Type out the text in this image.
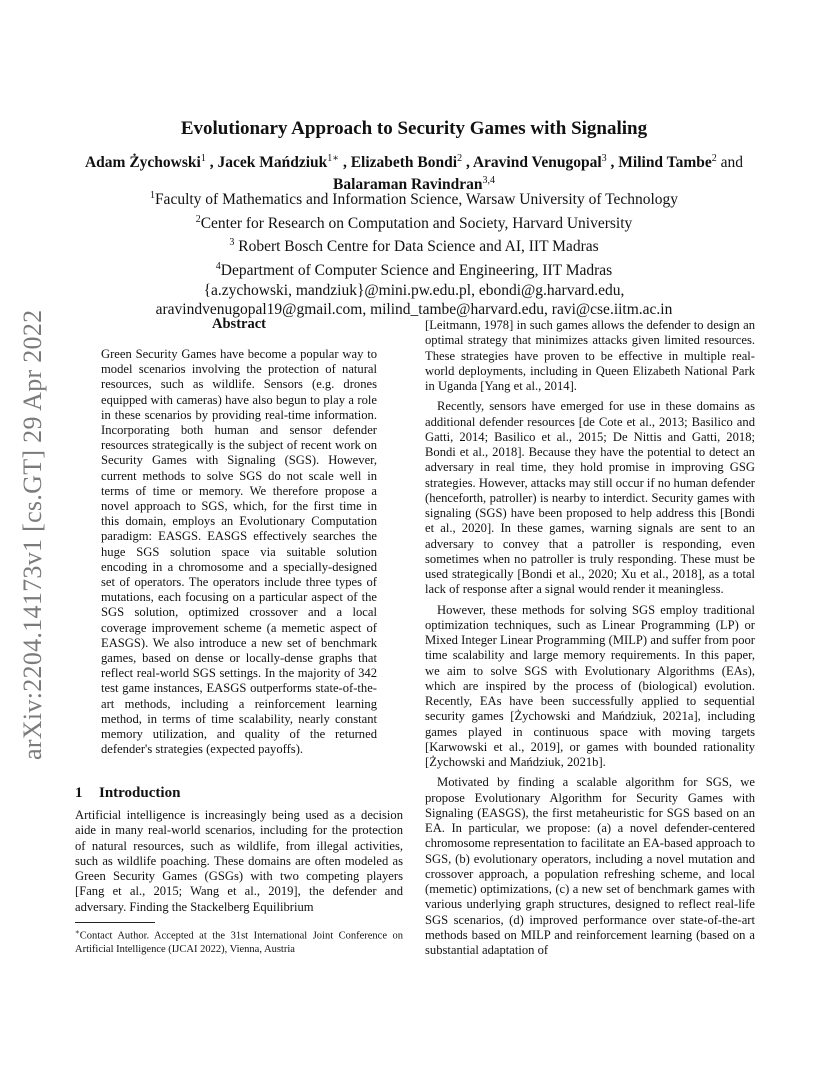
arXiv:2204.14173v1 [cs.GT] 29 Apr 2022
Evolutionary Approach to Security Games with Signaling
Adam Żychowski$^1$ , Jacek Mańdziuk$^{1∗}$ , Elizabeth Bondi$^2$ , Aravind Venugopal$^3$ , Milind Tambe$^2$ and Balaraman Ravindran$^{3,4}$
$^1$Faculty of Mathematics and Information Science, Warsaw University of Technology
$^2$Center for Research on Computation and Society, Harvard University
$^3$ Robert Bosch Centre for Data Science and AI, IIT Madras
$^4$Department of Computer Science and Engineering, IIT Madras
{a.zychowski, mandziuk}@mini.pw.edu.pl, ebondi@g.harvard.edu,
aravindvenugopal19@gmail.com, milind_tambe@harvard.edu, ravi@cse.iitm.ac.in
Abstract

Green Security Games have become a popular way to model scenarios involving the protection of natural resources, such as wildlife. Sensors (e.g. drones equipped with cameras) have also begun to play a role in these scenarios by providing real-time information. Incorporating both human and sensor defender resources strategically is the subject of recent work on Security Games with Signaling (SGS). However, current methods to solve SGS do not scale well in terms of time or memory. We therefore propose a novel approach to SGS, which, for the first time in this domain, employs an Evolutionary Computation paradigm: EASGS. EASGS effectively searches the huge SGS solution space via suitable solution encoding in a chromosome and a specially-designed set of operators. The operators include three types of mutations, each focusing on a particular aspect of the SGS solution, optimized crossover and a local coverage improvement scheme (a memetic aspect of EASGS). We also introduce a new set of benchmark games, based on dense or locally-dense graphs that reflect real-world SGS settings. In the majority of 342 test game instances, EASGS outperforms state-of-the-art methods, including a reinforcement learning method, in terms of time scalability, nearly constant memory utilization, and quality of the returned defender's strategies (expected payoffs).

1 Introduction

Artificial intelligence is increasingly being used as a decision aide in many real-world scenarios, including for the protection of natural resources, such as wildlife, from illegal activities, such as wildlife poaching. These domains are often modeled as Green Security Games (GSGs) with two competing players [Fang et al., 2015; Wang et al., 2019], the defender and adversary. Finding the Stackelberg Equilibrium

∗Contact Author. Accepted at the 31st International Joint Conference on Artificial Intelligence (IJCAI 2022), Vienna, Austria

[Leitmann, 1978] in such games allows the defender to design an optimal strategy that minimizes attacks given limited resources. These strategies have proven to be effective in multiple real-world deployments, including in Queen Elizabeth National Park in Uganda [Yang et al., 2014].

Recently, sensors have emerged for use in these domains as additional defender resources [de Cote et al., 2013; Basilico and Gatti, 2014; Basilico et al., 2015; De Nittis and Gatti, 2018; Bondi et al., 2018]. Because they have the potential to detect an adversary in real time, they hold promise in improving GSG strategies. However, attacks may still occur if no human defender (henceforth, patroller) is nearby to interdict. Security games with signaling (SGS) have been proposed to help address this [Bondi et al., 2020]. In these games, warning signals are sent to an adversary to convey that a patroller is responding, even sometimes when no patroller is truly responding. These must be used strategically [Bondi et al., 2020; Xu et al., 2018], as a total lack of response after a signal would render it meaningless.

However, these methods for solving SGS employ traditional optimization techniques, such as Linear Programming (LP) or Mixed Integer Linear Programming (MILP) and suffer from poor time scalability and large memory requirements. In this paper, we aim to solve SGS with Evolutionary Algorithms (EAs), which are inspired by the process of (biological) evolution. Recently, EAs have been successfully applied to sequential security games [Żychowski and Mańdziuk, 2021a], including games played in continuous space with moving targets [Karwowski et al., 2019], or games with bounded rationality [Żychowski and Mańdziuk, 2021b].

Motivated by finding a scalable algorithm for SGS, we propose Evolutionary Algorithm for Security Games with Signaling (EASGS), the first metaheuristic for SGS based on an EA. In particular, we propose: (a) a novel defender-centered chromosome representation to facilitate an EA-based approach to SGS, (b) evolutionary operators, including a novel mutation and crossover approach, a population refreshing scheme, and local (memetic) optimizations, (c) a new set of benchmark games with various underlying graph structures, designed to reflect real-life SGS scenarios, (d) improved performance over state-of-the-art methods based on MILP and reinforcement learning (based on a substantial adaptation of
